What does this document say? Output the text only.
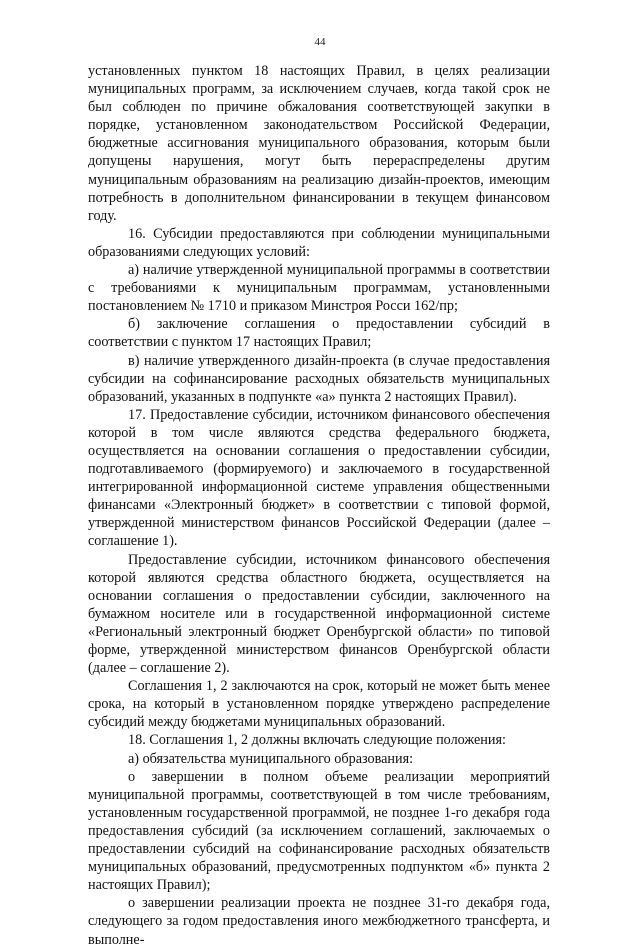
44

установленных пунктом 18 настоящих Правил, в целях реализации муниципальных программ, за исключением случаев, когда такой срок не был соблюден по причине обжалования соответствующей закупки в порядке, установленном законодательством Российской Федерации, бюджетные ассигнования муниципального образования, которым были допущены нарушения, могут быть перераспределены другим муниципальным образованиям на реализацию дизайн-проектов, имеющим потребность в дополнительном финансировании в текущем финансовом году.

16. Субсидии предоставляются при соблюдении муниципальными образованиями следующих условий:

а) наличие утвержденной муниципальной программы в соответствии с требованиями к муниципальным программам, установленными постановлением № 1710 и приказом Минстроя Росси 162/пр;

б) заключение соглашения о предоставлении субсидий в соответствии с пунктом 17 настоящих Правил;

в) наличие утвержденного дизайн-проекта (в случае предоставления субсидии на софинансирование расходных обязательств муниципальных образований, указанных в подпункте «а» пункта 2 настоящих Правил).

17. Предоставление субсидии, источником финансового обеспечения которой в том числе являются средства федерального бюджета, осуществляется на основании соглашения о предоставлении субсидии, подготавливаемого (формируемого) и заключаемого в государственной интегрированной информационной системе управления общественными финансами «Электронный бюджет» в соответствии с типовой формой, утвержденной министерством финансов Российской Федерации (далее – соглашение 1).

Предоставление субсидии, источником финансового обеспечения которой являются средства областного бюджета, осуществляется на основании соглашения о предоставлении субсидии, заключенного на бумажном носителе или в государственной информационной системе «Региональный электронный бюджет Оренбургской области» по типовой форме, утвержденной министерством финансов Оренбургской области (далее – соглашение 2).

Соглашения 1, 2 заключаются на срок, который не может быть менее срока, на который в установленном порядке утверждено распределение субсидий между бюджетами муниципальных образований.

18. Соглашения 1, 2 должны включать следующие положения:

а) обязательства муниципального образования:

о завершении в полном объеме реализации мероприятий муниципальной программы, соответствующей в том числе требованиям, установленным государственной программой, не позднее 1-го декабря года предоставления субсидий (за исключением соглашений, заключаемых о предоставлении субсидий на софинансирование расходных обязательств муниципальных образований, предусмотренных подпунктом «б» пункта 2 настоящих Правил);

о завершении реализации проекта не позднее 31-го декабря года, следующего за годом предоставления иного межбюджетного трансферта, и выполне-
